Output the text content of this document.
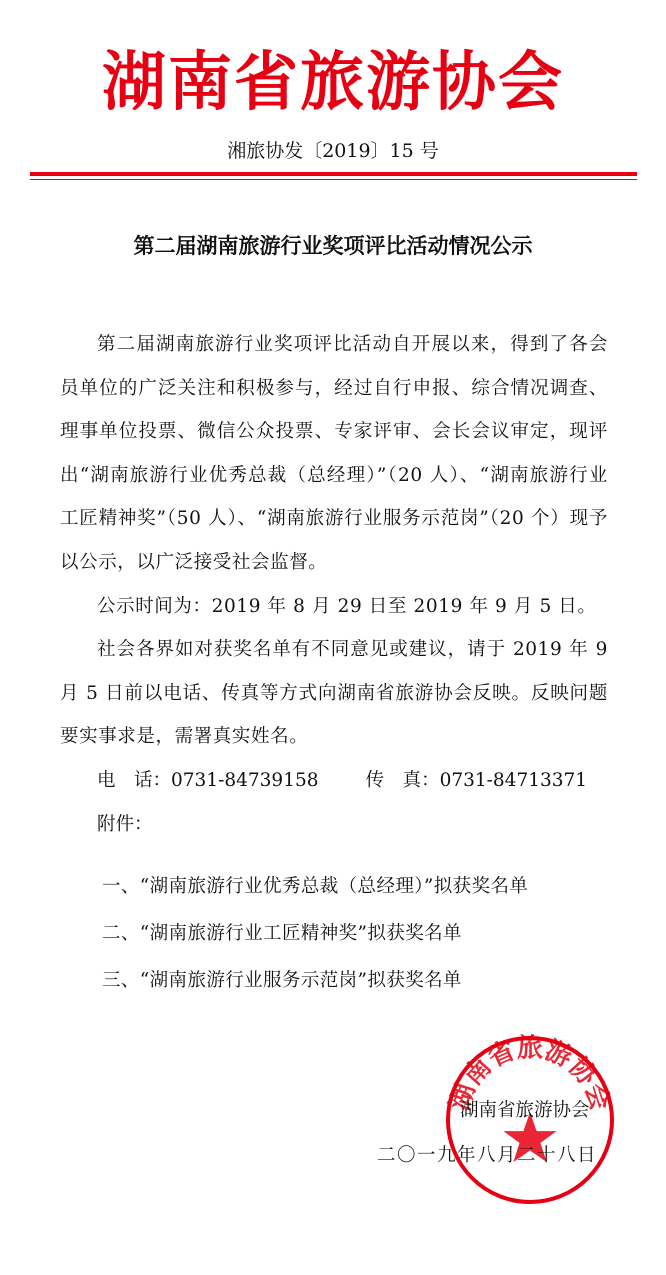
湖南省旅游协会
湘旅协发〔2019〕15 号
第二届湖南旅游行业奖项评比活动情况公示

第二届湖南旅游行业奖项评比活动自开展以来，得到了各会员单位的广泛关注和积极参与，经过自行申报、综合情况调查、理事单位投票、微信公众投票、专家评审、会长会议审定，现评出“湖南旅游行业优秀总裁（总经理）”（20 人）、“湖南旅游行业工匠精神奖”（50 人）、“湖南旅游行业服务示范岗”（20 个）现予以公示，以广泛接受社会监督。

公示时间为：2019 年 8 月 29 日至 2019 年 9 月 5 日。

社会各界如对获奖名单有不同意见或建议，请于 2019 年 9 月 5 日前以电话、传真等方式向湖南省旅游协会反映。反映问题要实事求是，需署真实姓名。

电　话：0731-84739158	传　真：0731-84713371

附件：

一、“湖南旅游行业优秀总裁（总经理）”拟获奖名单
二、“湖南旅游行业工匠精神奖”拟获奖名单
三、“湖南旅游行业服务示范岗”拟获奖名单
湖南省旅游协会
湖南省旅游协会
二〇一九年八月二十八日
